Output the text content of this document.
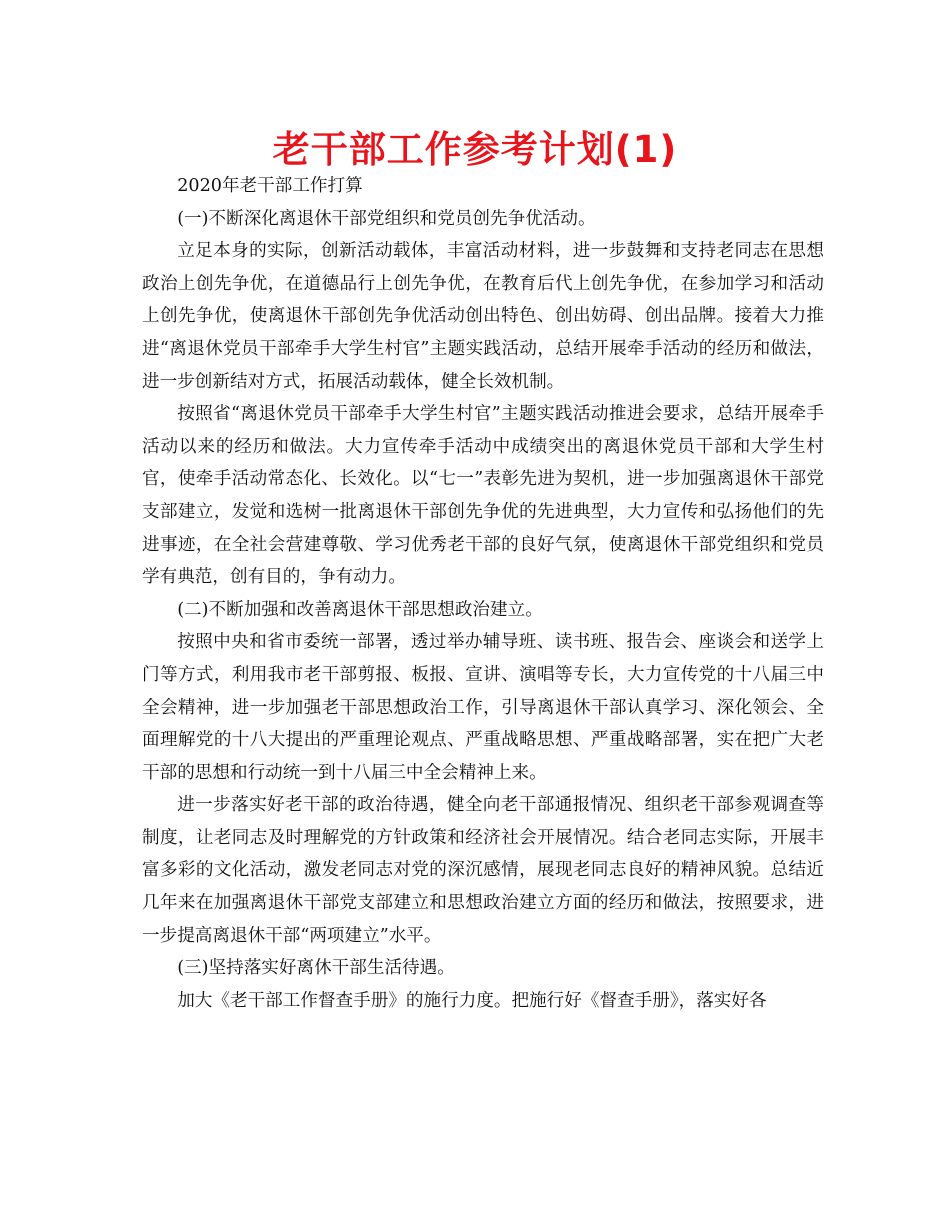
老干部工作参考计划(1)

2020年老干部工作打算

(一)不断深化离退休干部党组织和党员创先争优活动。

立足本身的实际，创新活动载体，丰富活动材料，进一步鼓舞和支持老同志在思想政治上创先争优，在道德品行上创先争优，在教育后代上创先争优，在参加学习和活动上创先争优，使离退休干部创先争优活动创出特色、创出妨碍、创出品牌。接着大力推进“离退休党员干部牵手大学生村官”主题实践活动，总结开展牵手活动的经历和做法，进一步创新结对方式，拓展活动载体，健全长效机制。

按照省“离退休党员干部牵手大学生村官”主题实践活动推进会要求，总结开展牵手活动以来的经历和做法。大力宣传牵手活动中成绩突出的离退休党员干部和大学生村官，使牵手活动常态化、长效化。以“七一”表彰先进为契机，进一步加强离退休干部党支部建立，发觉和选树一批离退休干部创先争优的先进典型，大力宣传和弘扬他们的先进事迹，在全社会营建尊敬、学习优秀老干部的良好气氛，使离退休干部党组织和党员学有典范，创有目的，争有动力。

(二)不断加强和改善离退休干部思想政治建立。

按照中央和省市委统一部署，透过举办辅导班、读书班、报告会、座谈会和送学上门等方式，利用我市老干部剪报、板报、宣讲、演唱等专长，大力宣传党的十八届三中全会精神，进一步加强老干部思想政治工作，引导离退休干部认真学习、深化领会、全面理解党的十八大提出的严重理论观点、严重战略思想、严重战略部署，实在把广大老干部的思想和行动统一到十八届三中全会精神上来。

进一步落实好老干部的政治待遇，健全向老干部通报情况、组织老干部参观调查等制度，让老同志及时理解党的方针政策和经济社会开展情况。结合老同志实际，开展丰富多彩的文化活动，激发老同志对党的深沉感情，展现老同志良好的精神风貌。总结近几年来在加强离退休干部党支部建立和思想政治建立方面的经历和做法，按照要求，进一步提高离退休干部“两项建立”水平。

(三)坚持落实好离休干部生活待遇。

加大《老干部工作督查手册》的施行力度。把施行好《督查手册》，落实好各
